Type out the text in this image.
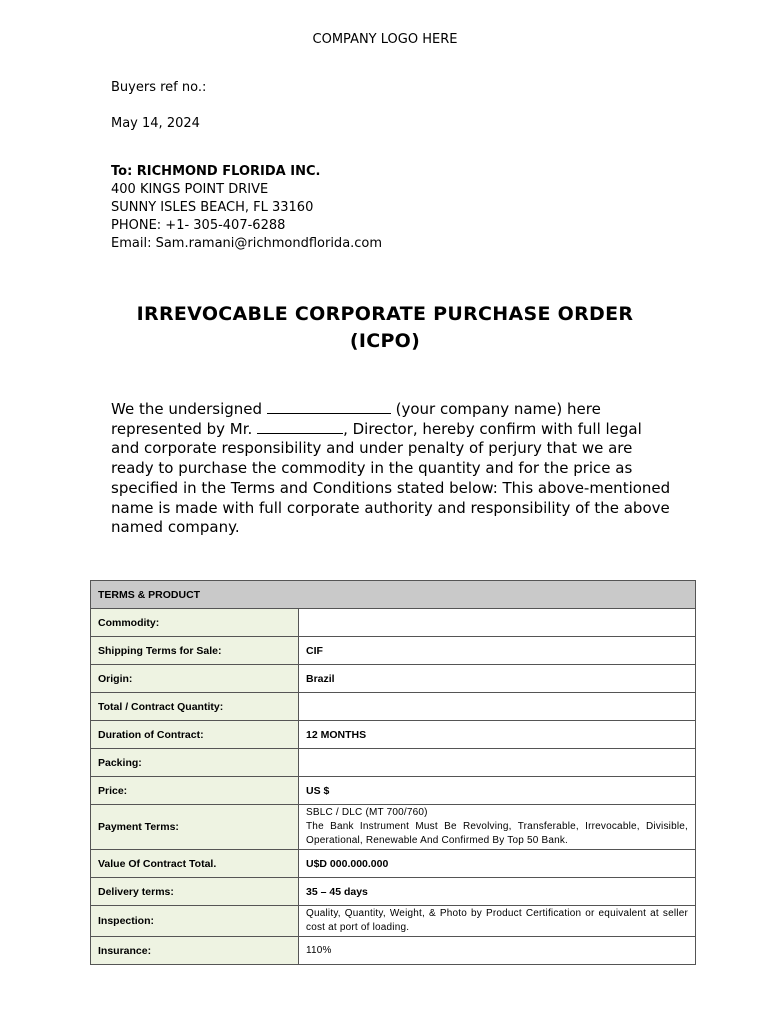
COMPANY LOGO HERE
Buyers ref no.:
May 14, 2024
To: RICHMOND FLORIDA INC.
400 KINGS POINT DRIVE
SUNNY ISLES BEACH, FL 33160
PHONE: +1- 305-407-6288
Email: Sam.ramani@richmondflorida.com
IRREVOCABLE CORPORATE PURCHASE ORDER
(ICPO)
We the undersigned	(your company name) here represented by Mr.	, Director, hereby confirm with full legal and corporate responsibility and under penalty of perjury that we are ready to purchase the commodity in the quantity and for the price as specified in the Terms and Conditions stated below: This above-mentioned name is made with full corporate authority and responsibility of the above named company.
TERMS & PRODUCT	
Commodity:	
Shipping Terms for Sale:	CIF
Origin:	Brazil
Total / Contract Quantity:	
Duration of Contract:	12 MONTHS
Packing:	
Price:	US $
Payment Terms:	SBLC / DLC (MT 700/760)
The Bank Instrument Must Be Revolving, Transferable, Irrevocable, Divisible, Operational, Renewable And Confirmed By Top 50 Bank.

Value Of Contract Total.	U$D 000.000.000
Delivery terms:	35 – 45 days
Inspection:	Quality, Quantity, Weight, & Photo by Product Certification or equivalent at seller cost at port of loading.
Insurance:	110%
